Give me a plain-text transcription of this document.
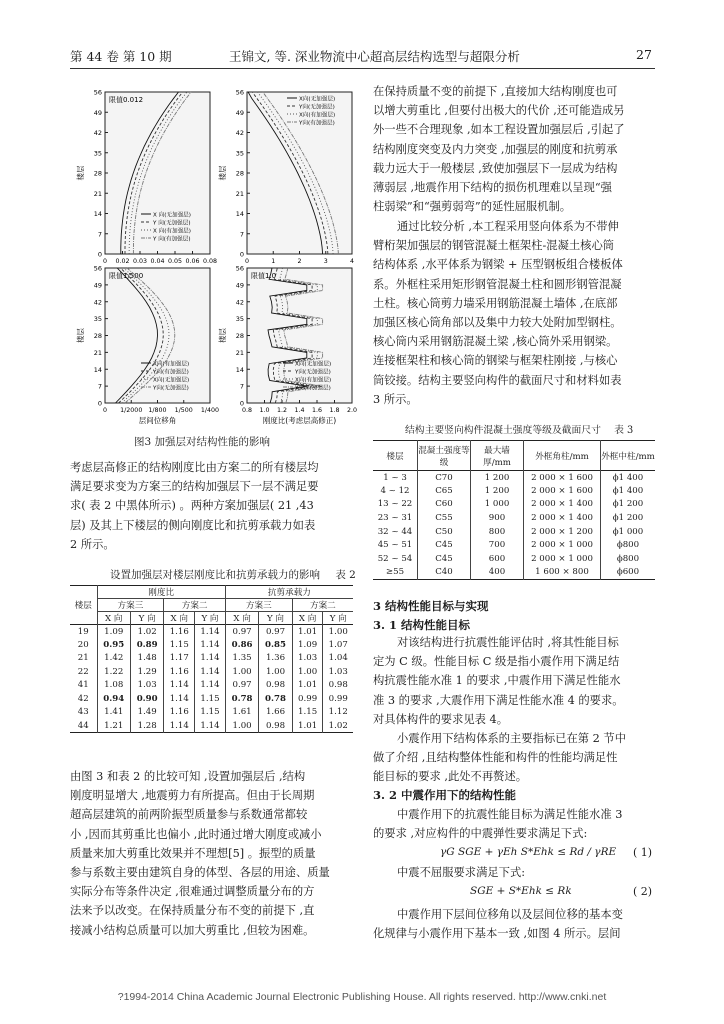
第 44 卷 第 10 期	王锦文, 等. 深业物流中心超高层结构选型与超限分析	27
0
7
14
21
28
35
42
49
56
0 0.02 0.03 0.04 0.05 0.06 0.08
楼层
限值0.012
X 向(无加强层)
Y 向(无加强层)
X 向(有加强层)
Y 向(有加强层)
0
7
14
21
28
35
42
49
56
0	1	2	3	4
楼层
X向(无加强层)
Y向(无加强层)
X向(有加强层)
Y向(有加强层)
0
7
14
21
28
35
42
49
56
0 1/2000 1/800 1/500 1/400
层间位移角
楼层
限值1/500
X向(有加强层)
Y向(有加强层)
X向(无加强层)
Y向(无加强层)
0
7
14
21
28
35
42
49
56
0.8 1.0 1.2 1.4 1.6 1.8 2.0
刚度比(考虑层高修正)
楼层
限值1.0
X向(无加强层)
Y向(无加强层)
X向(有加强层)
Y向(有加强层)
图3 加强层对结构性能的影响

考虑层高修正的结构刚度比由方案二的所有楼层均

满足要求变为方案三的结构加强层下一层不满足要

求( 表 2 中黑体所示) 。两种方案加强层( 21 ,43

层) 及其上下楼层的侧向刚度比和抗剪承载力如表

2 所示。

设置加强层对楼层刚度比和抗剪承载力的影响 表 2
楼层	刚度比				抗剪承载力			
	方案三		方案二		方案三		方案二	
	X 向	Y 向	X 向	Y 向	X 向	Y 向	X 向	Y 向
19	1.09	1.02	1.16	1.14	0.97	0.97	1.01	1.00
20	0.95	0.89	1.15	1.14	0.86	0.85	1.09	1.07
21	1.42	1.48	1.17	1.14	1.35	1.36	1.03	1.04
22	1.22	1.29	1.16	1.14	1.00	1.00	1.00	1.03
41	1.08	1.03	1.14	1.14	0.97	0.98	1.01	0.98
42	0.94	0.90	1.14	1.15	0.78	0.78	0.99	0.99
43	1.41	1.49	1.16	1.15	1.61	1.66	1.15	1.12
44	1.21	1.28	1.14	1.14	1.00	0.98	1.01	1.02

由图 3 和表 2 的比较可知 ,设置加强层后 ,结构

刚度明显增大 ,地震剪力有所提高。但由于长周期

超高层建筑的前两阶振型质量参与系数通常都较

小 ,因而其剪重比也偏小 ,此时通过增大刚度或减小

质量来加大剪重比效果并不理想[5] 。振型的质量

参与系数主要由建筑自身的体型、各层的用途、质量

实际分布等条件决定 ,很难通过调整质量分布的方

法来予以改变。在保持质量分布不变的前提下 ,直

接减小结构总质量可以加大剪重比 ,但较为困难。

在保持质量不变的前提下 ,直接加大结构刚度也可

以增大剪重比 ,但要付出极大的代价 ,还可能造成另

外一些不合理现象 ,如本工程设置加强层后 ,引起了

结构刚度突变及内力突变 ,加强层的刚度和抗剪承

载力远大于一般楼层 ,致使加强层下一层成为结构

薄弱层 ,地震作用下结构的损伤机理难以呈现“强

柱弱梁”和“强剪弱弯”的延性屈服机制。

通过比较分析 ,本工程采用竖向体系为不带伸

臂桁架加强层的钢管混凝土框架柱-混凝土核心筒

结构体系 ,水平体系为钢梁 + 压型钢板组合楼板体

系。外框柱采用矩形钢管混凝土柱和圆形钢管混凝

土柱。核心筒剪力墙采用钢筋混凝土墙体 ,在底部

加强区核心筒角部以及集中力较大处附加型钢柱。

核心筒内采用钢筋混凝土梁 ,核心筒外采用钢梁。

连接框架柱和核心筒的钢梁与框架柱刚接 ,与核心

筒铰接。结构主要竖向构件的截面尺寸和材料如表

3 所示。

结构主要竖向构件混凝土强度等级及截面尺寸 表 3
楼层	混凝土强度等级	最大墙厚/mm	外框角柱/mm	外框中柱/mm
1 ~ 3	C70	1 200	2 000 × 1 600	ϕ1 400
4 ~ 12	C65	1 200	2 000 × 1 600	ϕ1 400
13 ~ 22	C60	1 000	2 000 × 1 400	ϕ1 200
23 ~ 31	C55	900	2 000 × 1 400	ϕ1 200
32 ~ 44	C50	800	2 000 × 1 200	ϕ1 000
45 ~ 51	C45	700	2 000 × 1 000	ϕ800
52 ~ 54	C45	600	2 000 × 1 000	ϕ800
≥55	C40	400	1 600 × 800	ϕ600
3 结构性能目标与实现
3. 1 结构性能目标

对该结构进行抗震性能评估时 ,将其性能目标

定为 C 级。性能目标 C 级是指小震作用下满足结

构抗震性能水准 1 的要求 ,中震作用下满足性能水

准 3 的要求 ,大震作用下满足性能水准 4 的要求。

对具体构件的要求见表 4。

小震作用下结构体系的主要指标已在第 2 节中

做了介绍 ,且结构整体性能和构件的性能均满足性

能目标的要求 ,此处不再赘述。

3. 2 中震作用下的结构性能

中震作用下的抗震性能目标为满足性能水准 3

的要求 ,对应构件的中震弹性要求满足下式:

γG SGE + γEh S*Ehk ≤ Rd / γRE ( 1)
中震不屈服要求满足下式:
SGE + S*Ehk ≤ Rk	( 2)

中震作用下层间位移角以及层间位移的基本变

化规律与小震作用下基本一致 ,如图 4 所示。层间

?1994-2014 China Academic Journal Electronic Publishing House. All rights reserved. http://www.cnki.net
